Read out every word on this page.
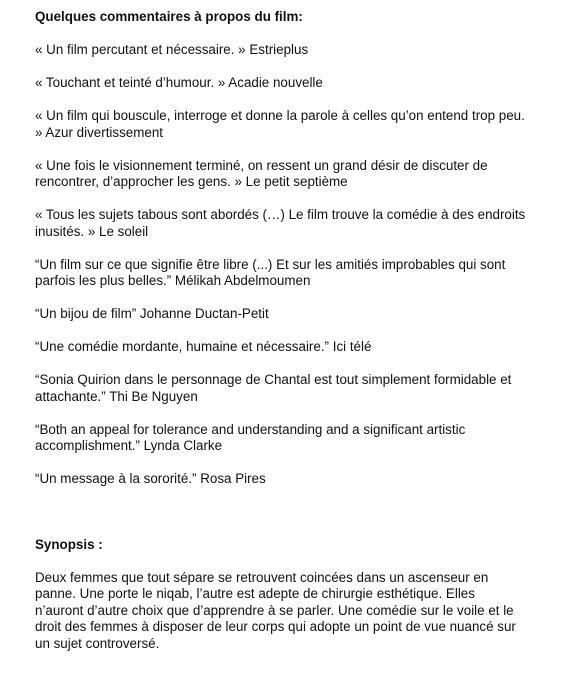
Quelques commentaires à propos du film:

« Un film percutant et nécessaire. » Estrieplus

« Touchant et teinté d’humour. » Acadie nouvelle

« Un film qui bouscule, interroge et donne la parole à celles qu’on entend trop peu. » Azur divertissement

« Une fois le visionnement terminé, on ressent un grand désir de discuter de rencontrer, d’approcher les gens. » Le petit septième

« Tous les sujets tabous sont abordés (…) Le film trouve la comédie à des endroits inusités. » Le soleil

“Un film sur ce que signifie être libre (...) Et sur les amitiés improbables qui sont parfois les plus belles.” Mélikah Abdelmoumen

“Un bijou de film” Johanne Ductan-Petit

“Une comédie mordante, humaine et nécessaire.” Ici télé

“Sonia Quirion dans le personnage de Chantal est tout simplement formidable et attachante.” Thi Be Nguyen

“Both an appeal for tolerance and understanding and a significant artistic accomplishment.” Lynda Clarke

“Un message à la sororité.” Rosa Pires

Synopsis :

Deux femmes que tout sépare se retrouvent coincées dans un ascenseur en panne. Une porte le niqab, l’autre est adepte de chirurgie esthétique. Elles n’auront d’autre choix que d’apprendre à se parler. Une comédie sur le voile et le droit des femmes à disposer de leur corps qui adopte un point de vue nuancé sur un sujet controversé.
